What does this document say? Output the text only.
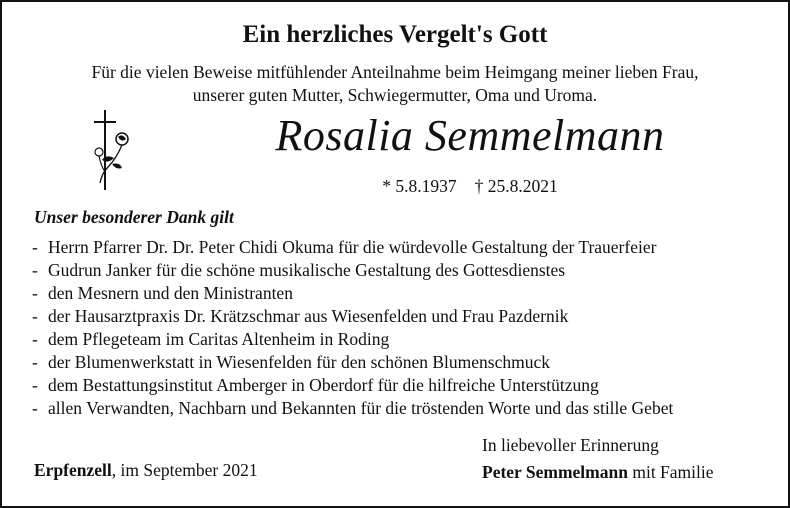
Ein herzliches Vergelt's Gott
Für die vielen Beweise mitfühlender Anteilnahme beim Heimgang meiner lieben Frau,
unserer guten Mutter, Schwiegermutter, Oma und Uroma.
Rosalia Semmelmann
* 5.8.1937 † 25.8.2021
Unser besonderer Dank gilt
- Herrn Pfarrer Dr. Dr. Peter Chidi Okuma für die würdevolle Gestaltung der Trauerfeier
- Gudrun Janker für die schöne musikalische Gestaltung des Gottesdienstes
- den Mesnern und den Ministranten
- der Hausarztpraxis Dr. Krätzschmar aus Wiesenfelden und Frau Pazdernik
- dem Pflegeteam im Caritas Altenheim in Roding
- der Blumenwerkstatt in Wiesenfelden für den schönen Blumenschmuck
- dem Bestattungsinstitut Amberger in Oberdorf für die hilfreiche Unterstützung
- allen Verwandten, Nachbarn und Bekannten für die tröstenden Worte und das stille Gebet
Erpfenzell, im September 2021
In liebevoller Erinnerung
Peter Semmelmann mit Familie
